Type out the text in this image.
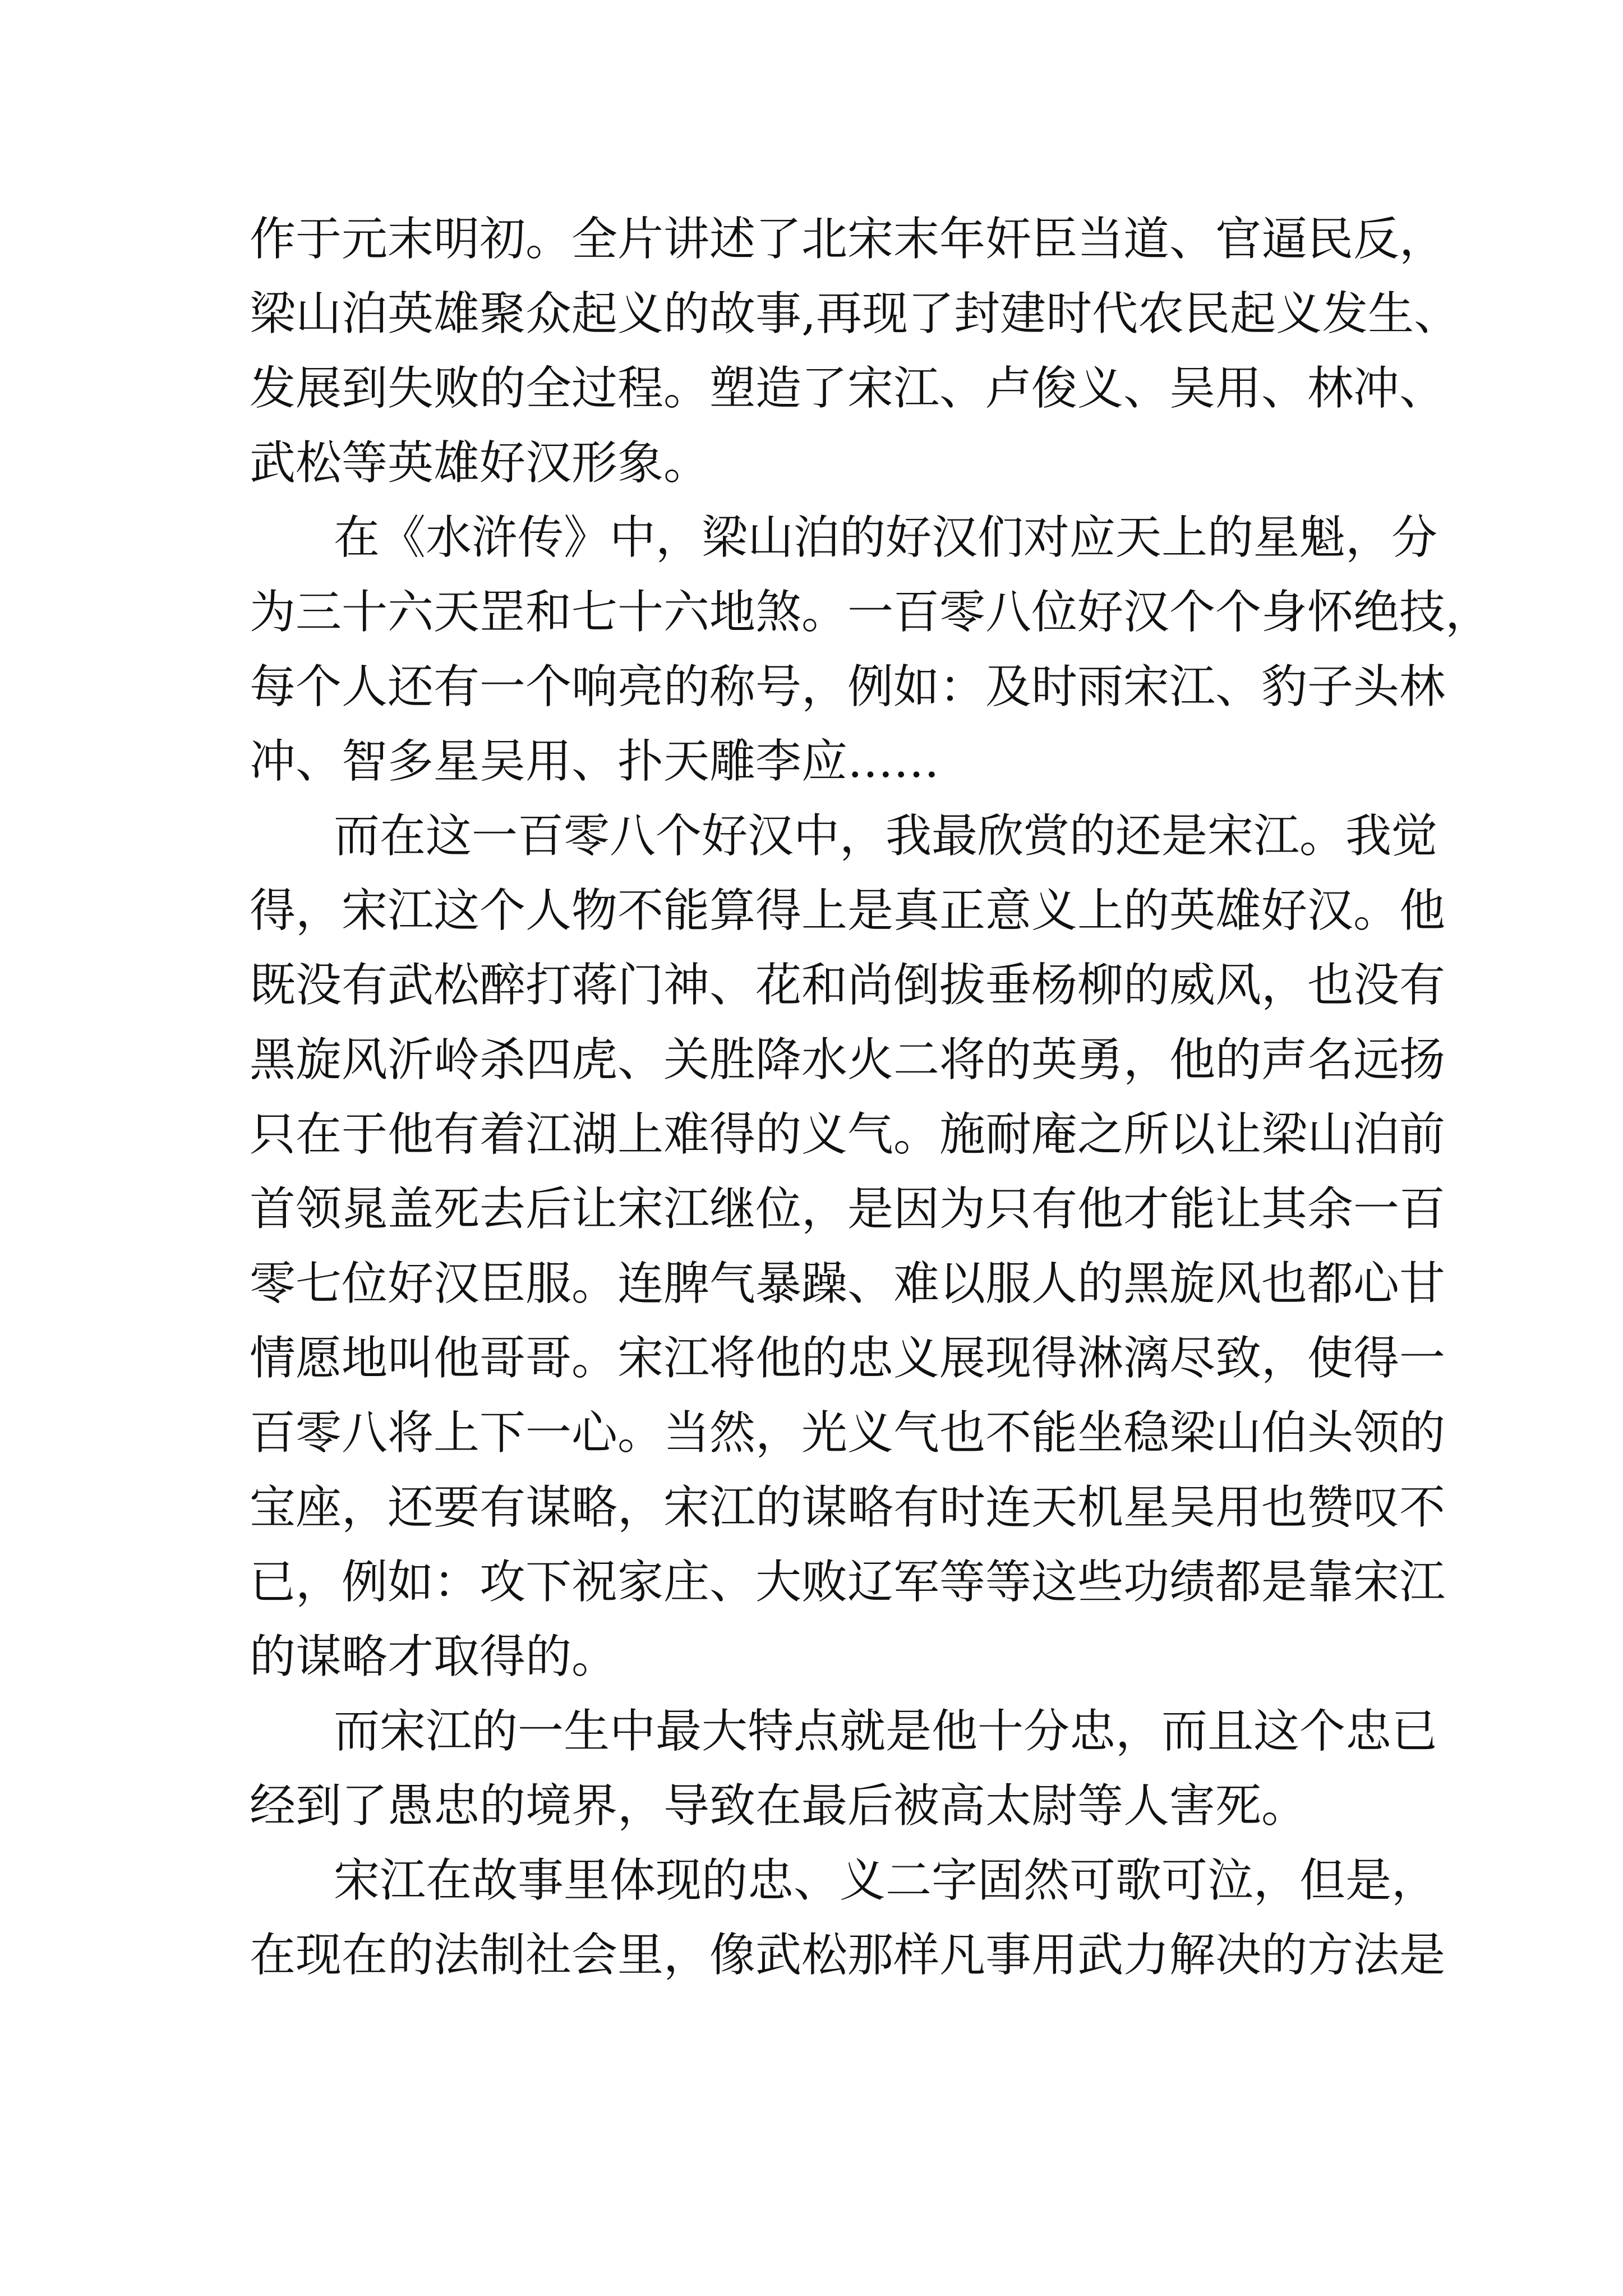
作于元末明初。全片讲述了北宋末年奸臣当道、官逼民反，
梁山泊英雄聚众起义的故事,再现了封建时代农民起义发生、
发展到失败的全过程。塑造了宋江、卢俊义、吴用、林冲、
武松等英雄好汉形象。
在《水浒传》中，梁山泊的好汉们对应天上的星魁，分
为三十六天罡和七十六地煞。一百零八位好汉个个身怀绝技，
每个人还有一个响亮的称号，例如：及时雨宋江、豹子头林
冲、智多星吴用、扑天雕李应……
而在这一百零八个好汉中，我最欣赏的还是宋江。我觉
得，宋江这个人物不能算得上是真正意义上的英雄好汉。他
既没有武松醉打蒋门神、花和尚倒拔垂杨柳的威风，也没有
黑旋风沂岭杀四虎、关胜降水火二将的英勇，他的声名远扬
只在于他有着江湖上难得的义气。施耐庵之所以让梁山泊前
首领晁盖死去后让宋江继位，是因为只有他才能让其余一百
零七位好汉臣服。连脾气暴躁、难以服人的黑旋风也都心甘
情愿地叫他哥哥。宋江将他的忠义展现得淋漓尽致，使得一
百零八将上下一心。当然，光义气也不能坐稳梁山伯头领的
宝座，还要有谋略，宋江的谋略有时连天机星吴用也赞叹不
已，例如：攻下祝家庄、大败辽军等等这些功绩都是靠宋江
的谋略才取得的。
而宋江的一生中最大特点就是他十分忠，而且这个忠已
经到了愚忠的境界，导致在最后被高太尉等人害死。
宋江在故事里体现的忠、义二字固然可歌可泣，但是，
在现在的法制社会里，像武松那样凡事用武力解决的方法是
